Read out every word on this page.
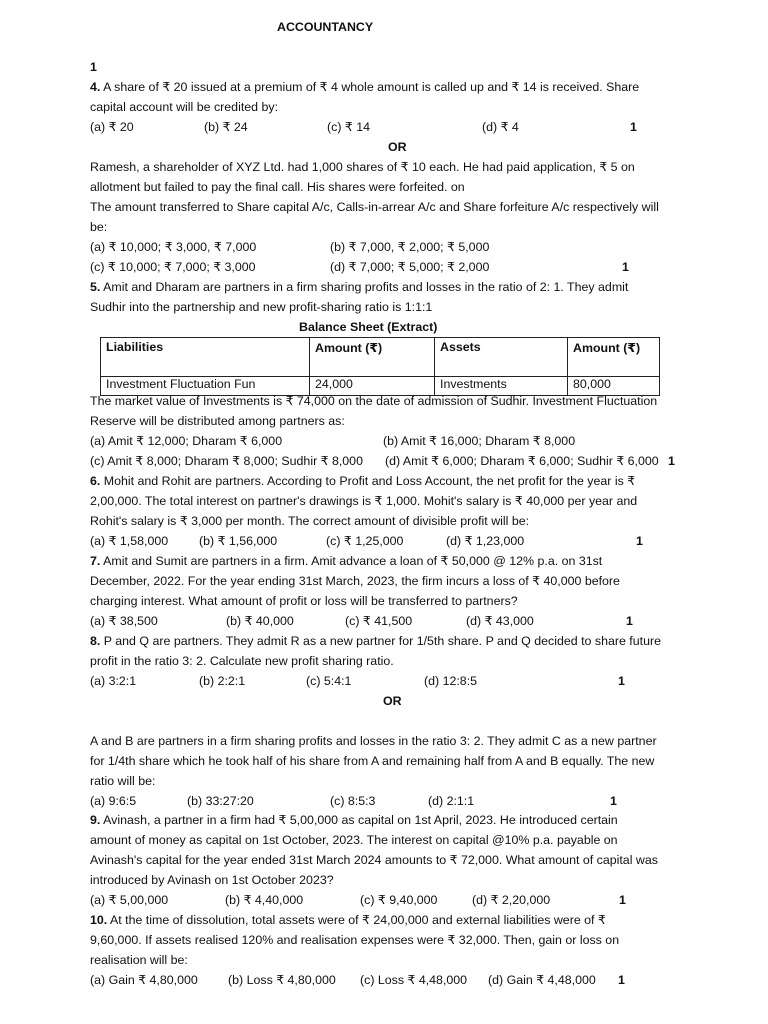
ACCOUNTANCY
1
4. A share of ₹ 20 issued at a premium of ₹ 4 whole amount is called up and ₹ 14 is received. Share
capital account will be credited by:
(a) ₹ 20	(b) ₹ 24	(c) ₹ 14	(d) ₹ 4	1
OR
Ramesh, a shareholder of XYZ Ltd. had 1,000 shares of ₹ 10 each. He had paid application, ₹ 5 on
allotment but failed to pay the final call. His shares were forfeited. on
The amount transferred to Share capital A/c, Calls-in-arrear A/c and Share forfeiture A/c respectively will
be:
(a) ₹ 10,000; ₹ 3,000, ₹ 7,000	(b) ₹ 7,000, ₹ 2,000; ₹ 5,000
(c) ₹ 10,000; ₹ 7,000; ₹ 3,000	(d) ₹ 7,000; ₹ 5,000; ₹ 2,000	1
5. Amit and Dharam are partners in a firm sharing profits and losses in the ratio of 2: 1. They admit
Sudhir into the partnership and new profit-sharing ratio is 1:1:1
Balance Sheet (Extract)
Liabilities	Amount (₹)	Assets	Amount (₹)
Investment Fluctuation Fun	24,000	Investments	80,000
The market value of Investments is ₹ 74,000 on the date of admission of Sudhir. Investment Fluctuation
Reserve will be distributed among partners as:
(a) Amit ₹ 12,000; Dharam ₹ 6,000	(b) Amit ₹ 16,000; Dharam ₹ 8,000
(c) Amit ₹ 8,000; Dharam ₹ 8,000; Sudhir ₹ 8,000 (d) Amit ₹ 6,000; Dharam ₹ 6,000; Sudhir ₹ 6,000 1
6. Mohit and Rohit are partners. According to Profit and Loss Account, the net profit for the year is ₹
2,00,000. The total interest on partner's drawings is ₹ 1,000. Mohit's salary is ₹ 40,000 per year and
Rohit's salary is ₹ 3,000 per month. The correct amount of divisible profit will be:
(a) ₹ 1,58,000 (b) ₹ 1,56,000	(c) ₹ 1,25,000	(d) ₹ 1,23,000	1
7. Amit and Sumit are partners in a firm. Amit advance a loan of ₹ 50,000 @ 12% p.a. on 31st
December, 2022. For the year ending 31st March, 2023, the firm incurs a loss of ₹ 40,000 before
charging interest. What amount of profit or loss will be transferred to partners?
(a) ₹ 38,500	(b) ₹ 40,000	(c) ₹ 41,500	(d) ₹ 43,000	1
8. P and Q are partners. They admit R as a new partner for 1/5th share. P and Q decided to share future
profit in the ratio 3: 2. Calculate new profit sharing ratio.
(a) 3:2:1	(b) 2:2:1	(c) 5:4:1	(d) 12:8:5	1
OR
A and B are partners in a firm sharing profits and losses in the ratio 3: 2. They admit C as a new partner
for 1/4th share which he took half of his share from A and remaining half from A and B equally. The new
ratio will be:
(a) 9:6:5	(b) 33:27:20	(c) 8:5:3	(d) 2:1:1	1
9. Avinash, a partner in a firm had ₹ 5,00,000 as capital on 1st April, 2023. He introduced certain
amount of money as capital on 1st October, 2023. The interest on capital @10% p.a. payable on
Avinash's capital for the year ended 31st March 2024 amounts to ₹ 72,000. What amount of capital was
introduced by Avinash on 1st October 2023?
(a) ₹ 5,00,000	(b) ₹ 4,40,000	(c) ₹ 9,40,000	(d) ₹ 2,20,000	1
10. At the time of dissolution, total assets were of ₹ 24,00,000 and external liabilities were of ₹
9,60,000. If assets realised 120% and realisation expenses were ₹ 32,000. Then, gain or loss on
realisation will be:
(a) Gain ₹ 4,80,000 (b) Loss ₹ 4,80,000 (c) Loss ₹ 4,48,000 (d) Gain ₹ 4,48,000 1
